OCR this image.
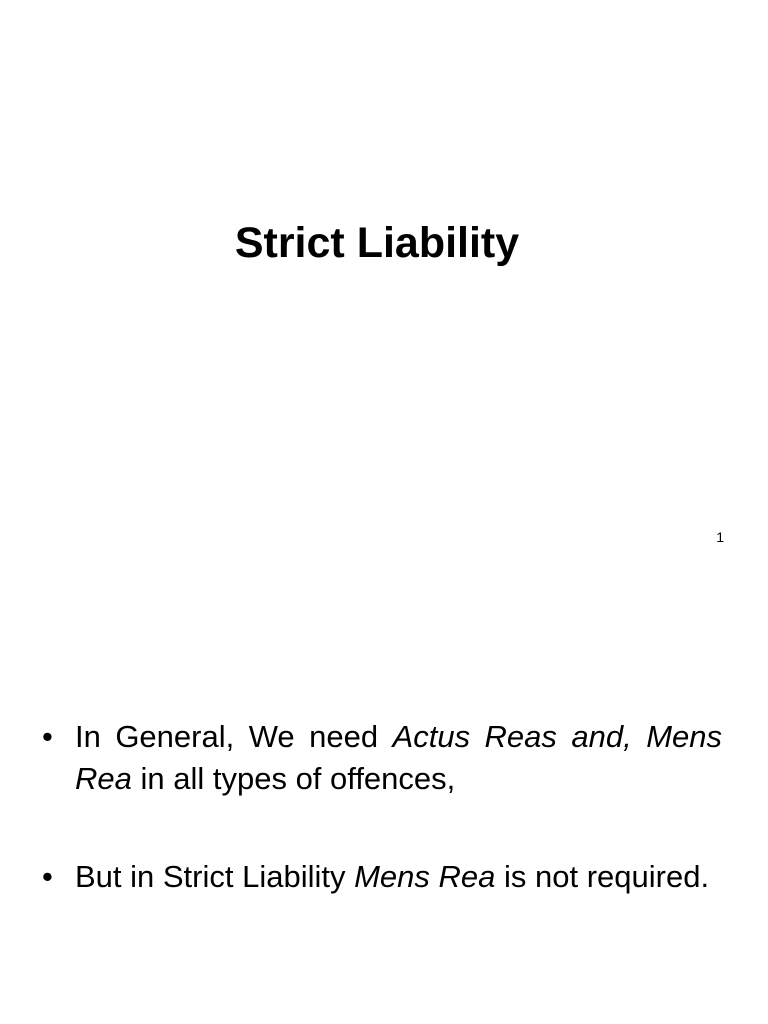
Strict Liability
1
• In General, We need Actus Reas and, Mens Rea in all types of offences,
• But in Strict Liability Mens Rea is not required.
